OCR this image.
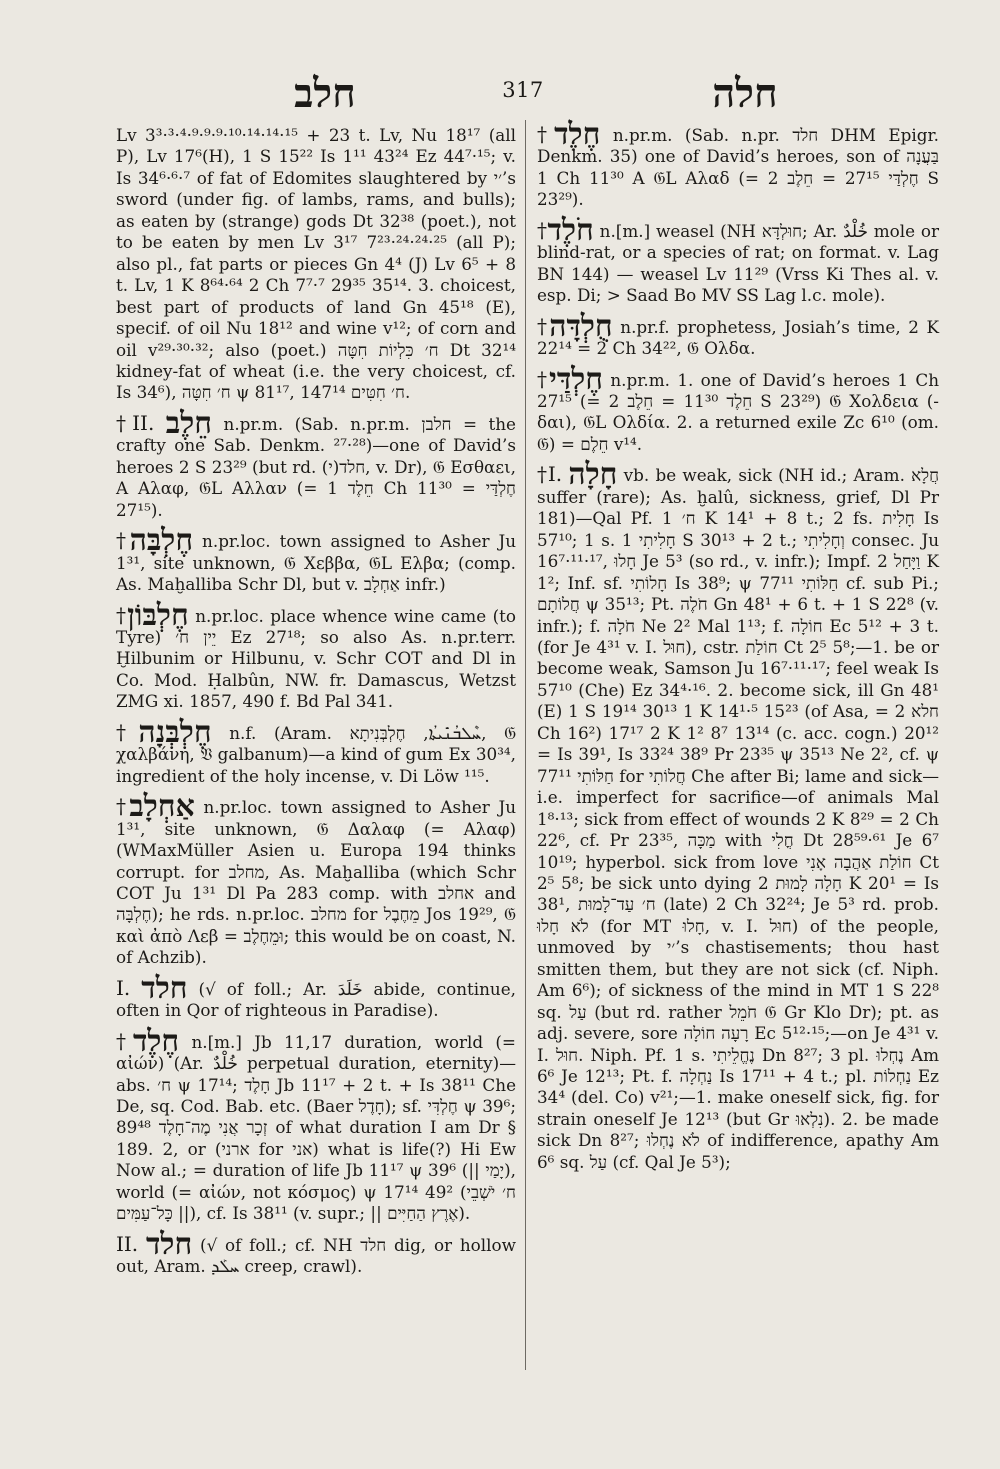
חלב	317	חלה

Lv 3³·³·⁴·⁹·⁹·⁹·¹⁰·¹⁴·¹⁴·¹⁵ + 23 t. Lv, Nu 18¹⁷ (all P), Lv 17⁶(H), 1 S 15²² Is 1¹¹ 43²⁴ Ez 44⁷·¹⁵; v. Is 34⁶·⁶·⁷ of fat of Edomites slaughtered by ׳י’s sword (under fig. of lambs, rams, and bulls); as eaten by (strange) gods Dt 32³⁸ (poet.), not to be eaten by men Lv 3¹⁷ 7²³·²⁴·²⁴·²⁵ (all P); also pl., fat parts or pieces Gn 4⁴ (J) Lv 6⁵ + 8 t. Lv, 1 K 8⁶⁴·⁶⁴ 2 Ch 7⁷·⁷ 29³⁵ 35¹⁴. 3. choicest, best part of products of land Gn 45¹⁸ (E), specif. of oil Nu 18¹² and wine v¹²; of corn and oil v²⁹·³⁰·³²; also (poet.) ח׳ כִּלְיוֹת חִטָּה Dt 32¹⁴ kidney-fat of wheat (i.e. the very choicest, cf. Is 34⁶), ח׳ חִטָּה ψ 81¹⁷, ח׳ חִטִּים 147¹⁴.

†II. חֵלֶב n.pr.m. (Sab. n.pr.m. חלבן = the crafty one Sab. Denkm. ²⁷·²⁸)—one of David’s heroes 2 S 23²⁹ (but rd. (י)חלד, v. Dr), 𝔊 Εσθαει, A Αλαφ, 𝔊L Αλλαν (= חֵלֶד 1 Ch 11³⁰ = חֶלְדַּי 27¹⁵).

†חֶלְבָּה n.pr.loc. town assigned to Asher Ju 1³¹, site unknown, 𝔊 Χεββα, 𝔊L Ελβα; (comp. As. Maḫalliba Schr Dl, but v. אַחְלָב infr.)

†חֶלְבּוֹן n.pr.loc. place whence wine came (to Tyre) יֵין ח׳ Ez 27¹⁸; so also As. n.pr.terr. Ḫilbunim or Hilbunu, v. Schr COT and Dl in Co. Mod. Ḥalbûn, NW. fr. Damascus, Wetzst ZMG xi. 1857, 490 f. Bd Pal 341.

†חֶלְבְּנָה n.f. (Aram. ܚܶܠܒܳܢܺܝܬܳܐ, חֶלְבְּנִיתָא, 𝔊 χαλβάνη, 𝔙 galbanum)—a kind of gum Ex 30³⁴, ingredient of the holy incense, v. Di Löw ¹¹⁵.

†אַחְלָב n.pr.loc. town assigned to Asher Ju 1³¹, site unknown, 𝔊 Δαλαφ (= Αλαφ) (WMaxMüller Asien u. Europa 194 thinks corrupt. for מחלב, As. Maḫalliba (which Schr COT Ju 1³¹ Dl Pa 283 comp. with אחלב and חֶלְבָּה); he rds. n.pr.loc. מחלב for מֵחֶבֶל Jos 19²⁹, 𝔊 καὶ ἀπὸ Λεβ = וּמֵחֶלֶב; this would be on coast, N. of Achzib).

I. חלד (√ of foll.; Ar. خَلَدَ abide, continue, often in Qor of righteous in Paradise).

†חֶלֶד n.[m.] Jb 11,17 duration, world (= αἰών) (Ar. خُلْدٌ perpetual duration, eternity)—abs. ח׳ ψ 17¹⁴; חָלֶד Jb 11¹⁷ + 2 t. + Is 38¹¹ Che De, sq. Cod. Bab. etc. (Baer חָדֶל); sf. חֶלְדִּי ψ 39⁶; זְכָר אֲנִי מֶה־חָלֶד 89⁴⁸ of what duration I am Dr § 189. 2, or (ארני for אני) what is life(?) Hi Ew Now al.; = duration of life Jb 11¹⁷ ψ 39⁶ (|| יָמַי), world (= αἰών, not κόσμος) ψ 17¹⁴ 49² (ח׳ יֹשְׁבֵי || כָּל־עַמִּים), cf. Is 38¹¹ (v. supr.; || אֶרֶץ הַחַיִּים).

II. חלד (√ of foll.; cf. NH חלד dig, or hollow out, Aram. ܚܠܰܕ creep, crawl).

†חֶלֶד n.pr.m. (Sab. n.pr. חלד DHM Epigr. Denkm. 35) one of David’s heroes, son of בַּעֲנָה 1 Ch 11³⁰ A 𝔊L Αλαδ (= חֶלְדַּי 27¹⁵ = חֵלֶב 2 S 23²⁹).

†חֹלֶד n.[m.] weasel (NH חוּלְדָּא; Ar. خُلْدٌ mole or blind-rat, or a species of rat; on format. v. Lag BN 144) — weasel Lv 11²⁹ (Vrss Ki Thes al. v. esp. Di; > Saad Bo MV SS Lag l.c. mole).

†חֻלְדָּה n.pr.f. prophetess, Josiah’s time, 2 K 22¹⁴ = 2 Ch 34²², 𝔊 Ολδα.

†חֶלְדַּי n.pr.m. 1. one of David’s heroes 1 Ch 27¹⁵ (= חֵלֶד 11³⁰ = חֵלֶב 2 S 23²⁹) 𝔊 Χολδεια (-δαι), 𝔊L Ολδία. 2. a returned exile Zc 6¹⁰ (om. 𝔊) = חֵלֶם v¹⁴.

†I. חָלָה vb. be weak, sick (NH id.; Aram. חֲלָא suffer (rare); As. ḫalû, sickness, grief, Dl Pr 181)—Qal Pf. ח׳ 1 K 14¹ + 8 t.; 2 fs. חָלִית Is 57¹⁰; 1 s. חָלִיתִי 1 S 30¹³ + 2 t.; וְחָלִיתִי consec. Ju 16⁷·¹¹·¹⁷, חָלוּ Je 5³ (so rd., v. infr.); Impf. וַיָּחַל 2 K 1²; Inf. sf. חָלוֹתִי Is 38⁹; ψ חַלּוֹתִי 77¹¹ cf. sub Pi.; חֲלוֹתָם ψ 35¹³; Pt. חֹלֶה Gn 48¹ + 6 t. + 1 S 22⁸ (v. infr.); f. חֹלָה Ne 2² Mal 1¹³; f. חוֹלָה Ec 5¹² + 3 t. (for Je 4³¹ v. I. חוּל), cstr. חוֹלַת Ct 2⁵ 5⁸;—1. be or become weak, Samson Ju 16⁷·¹¹·¹⁷; feel weak Is 57¹⁰ (Che) Ez 34⁴·¹⁶. 2. become sick, ill Gn 48¹ (E) 1 S 19¹⁴ 30¹³ 1 K 14¹·⁵ 15²³ (of Asa, = חלא 2 Ch 16²) 17¹⁷ 2 K 1² 8⁷ 13¹⁴ (c. acc. cogn.) 20¹² = Is 39¹, Is 33²⁴ 38⁹ Pr 23³⁵ ψ 35¹³ Ne 2², cf. ψ 77¹¹ חַלּוֹתִי for חֲלוֹתִי Che after Bi; lame and sick—i.e. imperfect for sacrifice—of animals Mal 1⁸·¹³; sick from effect of wounds 2 K 8²⁹ = 2 Ch 22⁶, cf. Pr 23³⁵, מַכָּה with חֳלִי Dt 28⁵⁹·⁶¹ Je 6⁷ 10¹⁹; hyperbol. sick from love חוֹלַת אַהֲבָה אָנִי Ct 2⁵ 5⁸; be sick unto dying חָלָה לָמוּת 2 K 20¹ = Is 38¹, ח׳ עַד־לָמוּת (late) 2 Ch 32²⁴; Je 5³ rd. prob. לֹא חָלוּ (for MT חָלוּ, v. I. חוּל) of the people, unmoved by ׳י’s chastisements; thou hast smitten them, but they are not sick (cf. Niph. Am 6⁶); of sickness of the mind in MT 1 S 22⁸ sq. עַל (but rd. rather חֹמֵל 𝔊 Gr Klo Dr); pt. as adj. severe, sore רָעָה חוֹלָה Ec 5¹²·¹⁵;—on Je 4³¹ v. I. חוּל. Niph. Pf. 1 s. נֶחֱלֵיתִי Dn 8²⁷; 3 pl. נֶחְלוּ Am 6⁶ Je 12¹³; Pt. f. נַחְלָה Is 17¹¹ + 4 t.; pl. נַחְלוֹת Ez 34⁴ (del. Co) v²¹;—1. make oneself sick, fig. for strain oneself Je 12¹³ (but Gr נִלְאוּ). 2. be made sick Dn 8²⁷; לֹא נֶחְלוּ of indifference, apathy Am 6⁶ sq. עַל (cf. Qal Je 5³);
